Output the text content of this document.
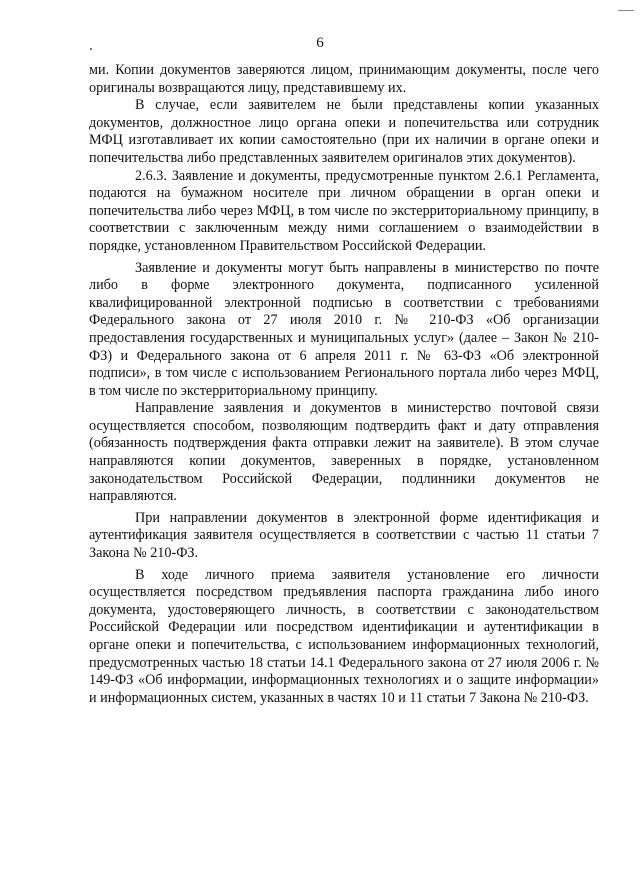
6

ми. Копии документов заверяются лицом, принимающим документы, после чего оригиналы возвращаются лицу, представившему их.

В случае, если заявителем не были представлены копии указанных документов, должностное лицо органа опеки и попечительства или сотрудник МФЦ изготавливает их копии самостоятельно (при их наличии в органе опеки и попечительства либо представленных заявителем оригиналов этих документов).

2.6.3. Заявление и документы, предусмотренные пунктом 2.6.1 Регламента, подаются на бумажном носителе при личном обращении в орган опеки и попечительства либо через МФЦ, в том числе по экстерриториальному принципу, в соответствии с заключенным между ними соглашением о взаимодействии в порядке, установленном Правительством Российской Федерации.

Заявление и документы могут быть направлены в министерство по почте либо в форме электронного документа, подписанного усиленной квалифицированной электронной подписью в соответствии с требованиями Федерального закона от 27 июля 2010 г. № 210-ФЗ «Об организации предоставления государственных и муниципальных услуг» (далее – Закон № 210-ФЗ) и Федерального закона от 6 апреля 2011 г. № 63-ФЗ «Об электронной подписи», в том числе с использованием Регионального портала либо через МФЦ, в том числе по экстерриториальному принципу.

Направление заявления и документов в министерство почтовой связи осуществляется способом, позволяющим подтвердить факт и дату отправления (обязанность подтверждения факта отправки лежит на заявителе). В этом случае направляются копии документов, заверенных в порядке, установленном законодательством Российской Федерации, подлинники документов не направляются.

При направлении документов в электронной форме идентификация и аутентификация заявителя осуществляется в соответствии с частью 11 статьи 7 Закона № 210-ФЗ.

В ходе личного приема заявителя установление его личности осуществляется посредством предъявления паспорта гражданина либо иного документа, удостоверяющего личность, в соответствии с законодательством Российской Федерации или посредством идентификации и аутентификации в органе опеки и попечительства, с использованием информационных технологий, предусмотренных частью 18 статьи 14.1 Федерального закона от 27 июля 2006 г. № 149-ФЗ «Об информации, информационных технологиях и о защите информации» и информационных систем, указанных в частях 10 и 11 статьи 7 Закона № 210-ФЗ.
